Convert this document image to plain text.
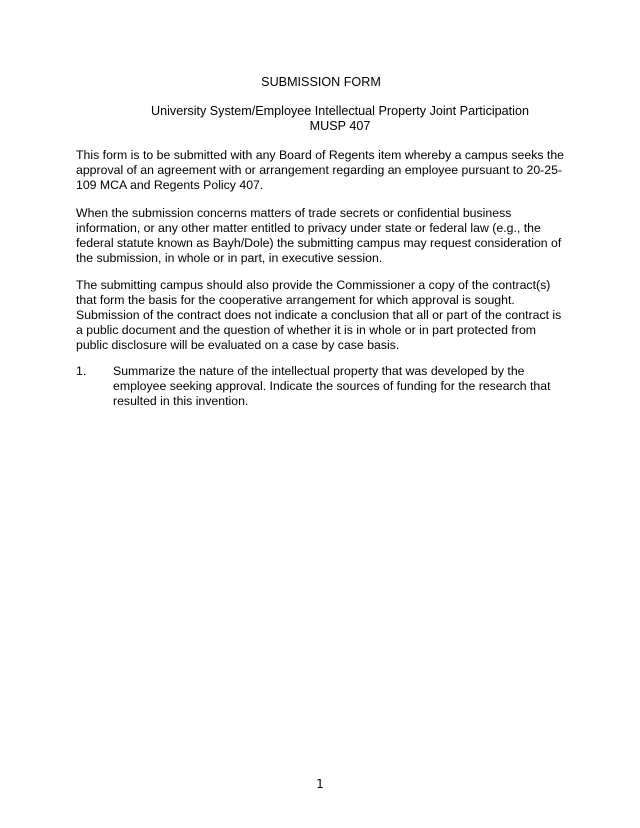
SUBMISSION FORM
University System/Employee Intellectual Property Joint Participation
MUSP 407

This form is to be submitted with any Board of Regents item whereby a campus seeks the approval of an agreement with or arrangement regarding an employee pursuant to 20-25-109 MCA and Regents Policy 407.

When the submission concerns matters of trade secrets or confidential business information, or any other matter entitled to privacy under state or federal law (e.g., the federal statute known as Bayh/Dole) the submitting campus may request consideration of the submission, in whole or in part, in executive session.

The submitting campus should also provide the Commissioner a copy of the contract(s) that form the basis for the cooperative arrangement for which approval is sought. Submission of the contract does not indicate a conclusion that all or part of the contract is a public document and the question of whether it is in whole or in part protected from public disclosure will be evaluated on a case by case basis.

1. Summarize the nature of the intellectual property that was developed by the employee seeking approval. Indicate the sources of funding for the research that resulted in this invention.
1
